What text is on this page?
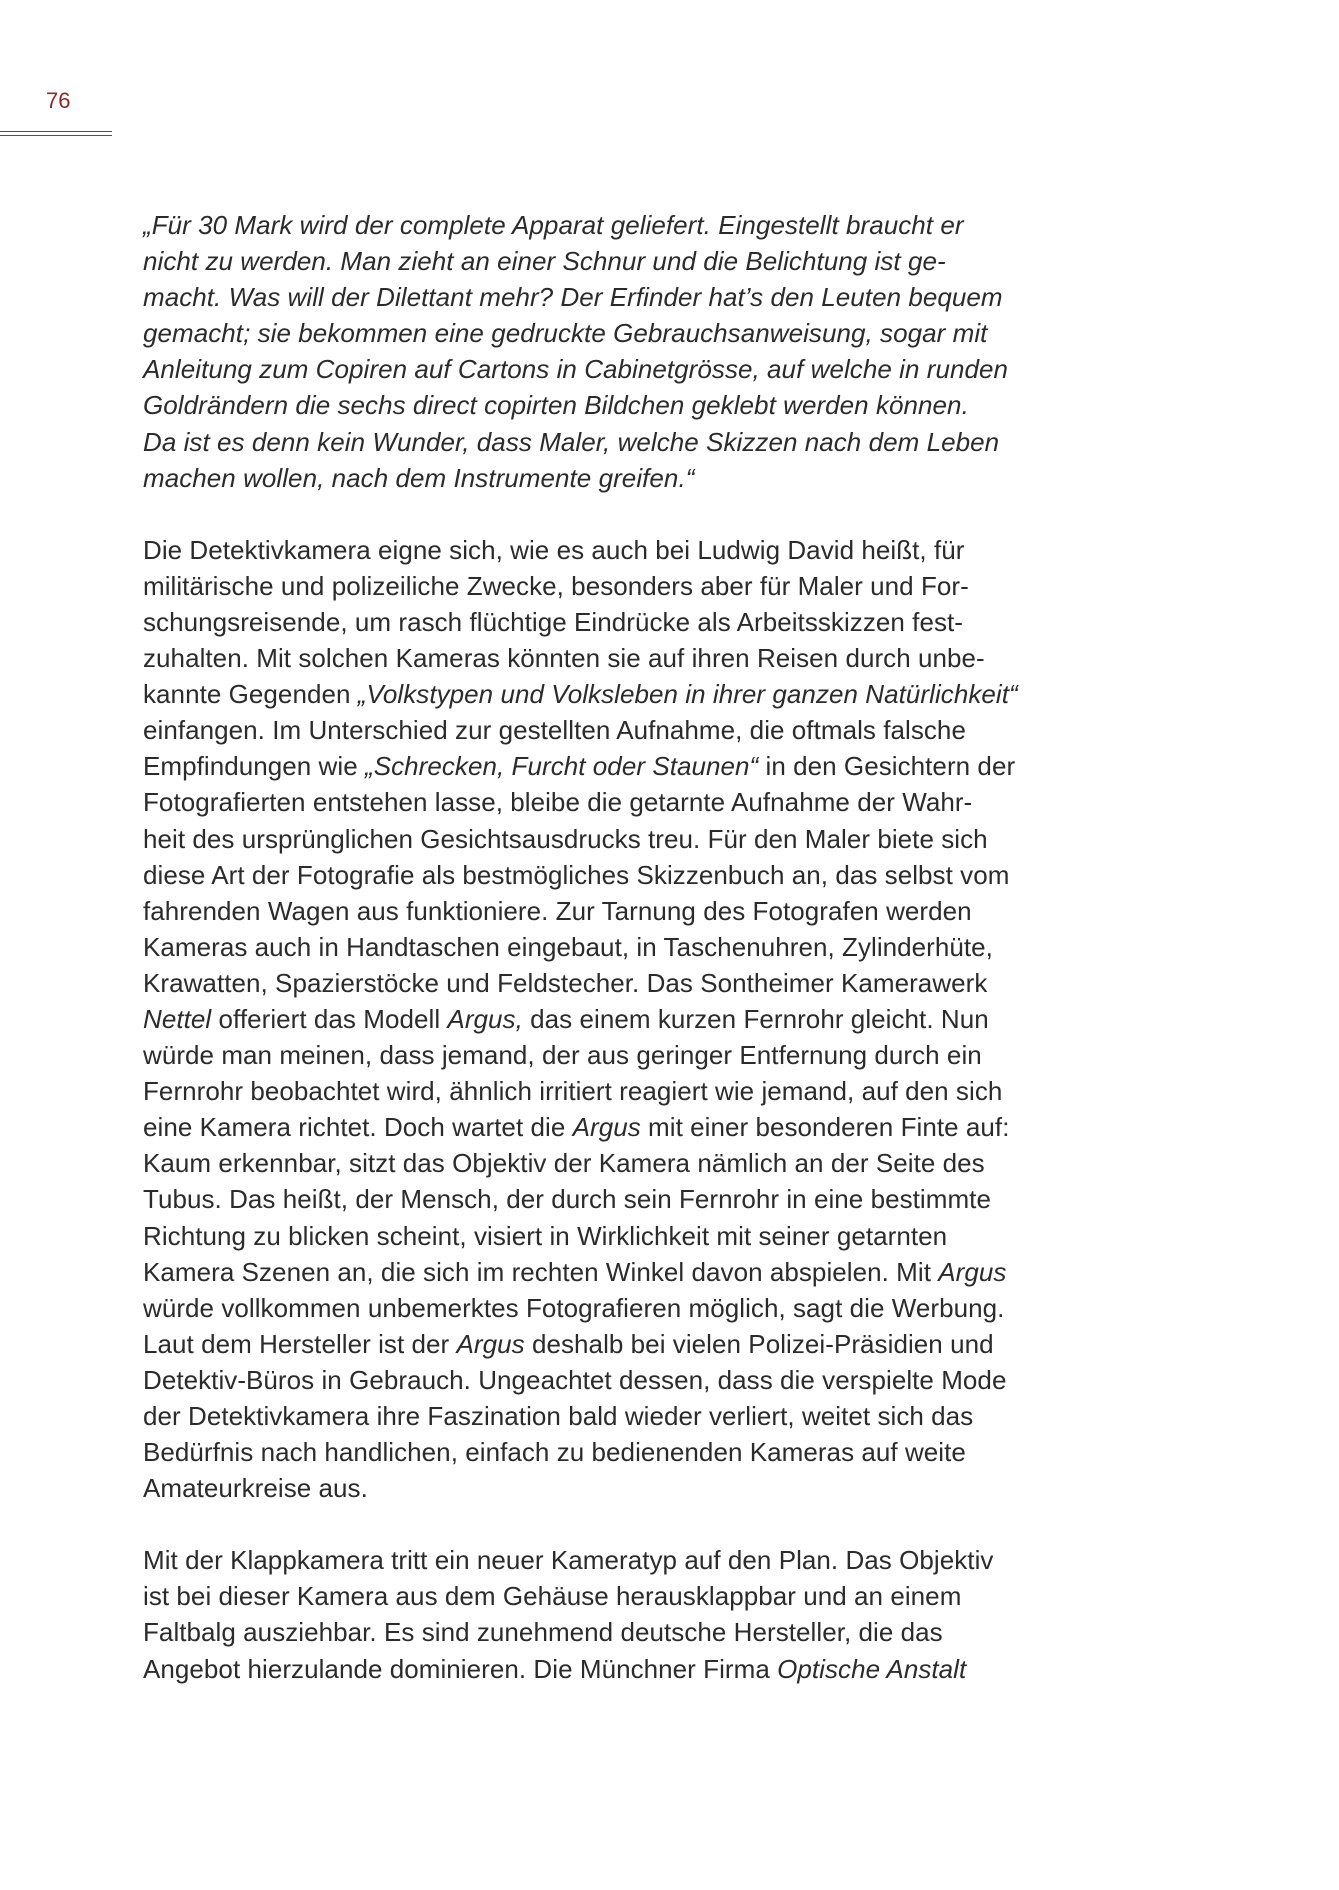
76
„Für 30 Mark wird der complete Apparat geliefert. Eingestellt braucht er
nicht zu werden. Man zieht an einer Schnur und die Belichtung ist ge-
macht. Was will der Dilettant mehr? Der Erfinder hat’s den Leuten bequem
gemacht; sie bekommen eine gedruckte Gebrauchsanweisung, sogar mit
Anleitung zum Copiren auf Cartons in Cabinetgrösse, auf welche in runden
Goldrändern die sechs direct copirten Bildchen geklebt werden können.
Da ist es denn kein Wunder, dass Maler, welche Skizzen nach dem Leben
machen wollen, nach dem Instrumente greifen.“
Die Detektivkamera eigne sich, wie es auch bei Ludwig David heißt, für
militärische und polizeiliche Zwecke, besonders aber für Maler und For-
schungsreisende, um rasch flüchtige Eindrücke als Arbeitsskizzen fest-
zuhalten. Mit solchen Kameras könnten sie auf ihren Reisen durch unbe-
kannte Gegenden „Volkstypen und Volksleben in ihrer ganzen Natürlichkeit“
einfangen. Im Unterschied zur gestellten Aufnahme, die oftmals falsche
Empfindungen wie „Schrecken, Furcht oder Staunen“ in den Gesichtern der
Fotografierten entstehen lasse, bleibe die getarnte Aufnahme der Wahr-
heit des ursprünglichen Gesichtsausdrucks treu. Für den Maler biete sich
diese Art der Fotografie als bestmögliches Skizzenbuch an, das selbst vom
fahrenden Wagen aus funktioniere. Zur Tarnung des Fotografen werden
Kameras auch in Handtaschen eingebaut, in Taschenuhren, Zylinderhüte,
Krawatten, Spazierstöcke und Feldstecher. Das Sontheimer Kamerawerk
Nettel offeriert das Modell Argus, das einem kurzen Fernrohr gleicht. Nun
würde man meinen, dass jemand, der aus geringer Entfernung durch ein
Fernrohr beobachtet wird, ähnlich irritiert reagiert wie jemand, auf den sich
eine Kamera richtet. Doch wartet die Argus mit einer besonderen Finte auf:
Kaum erkennbar, sitzt das Objektiv der Kamera nämlich an der Seite des
Tubus. Das heißt, der Mensch, der durch sein Fernrohr in eine bestimmte
Richtung zu blicken scheint, visiert in Wirklichkeit mit seiner getarnten
Kamera Szenen an, die sich im rechten Winkel davon abspielen. Mit Argus
würde vollkommen unbemerktes Fotografieren möglich, sagt die Werbung.
Laut dem Hersteller ist der Argus deshalb bei vielen Polizei-Präsidien und
Detektiv-Büros in Gebrauch. Ungeachtet dessen, dass die verspielte Mode
der Detektivkamera ihre Faszination bald wieder verliert, weitet sich das
Bedürfnis nach handlichen, einfach zu bedienenden Kameras auf weite
Amateurkreise aus.
Mit der Klappkamera tritt ein neuer Kameratyp auf den Plan. Das Objektiv
ist bei dieser Kamera aus dem Gehäuse herausklappbar und an einem
Faltbalg ausziehbar. Es sind zunehmend deutsche Hersteller, die das
Angebot hierzulande dominieren. Die Münchner Firma Optische Anstalt
